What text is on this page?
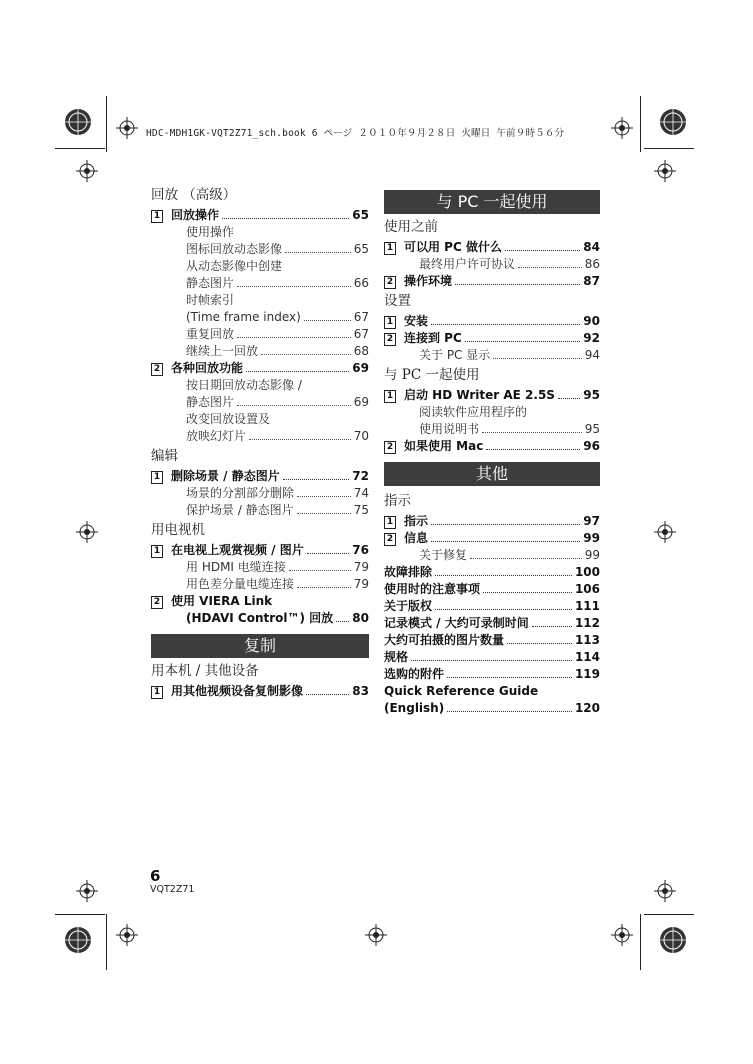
HDC-MDH1GK-VQT2Z71_sch.book 6 ページ ２０１０年９月２８日 火曜日 午前９時５６分
回放 （高级）
1 回放操作	65
使用操作
图标回放动态影像	65
从动态影像中创建
静态图片	66
时帧索引
(Time frame index)	67
重复回放	67
继续上一回放	68
2 各种回放功能	69
按日期回放动态影像 /
静态图片	69
改变回放设置及
放映幻灯片	70
编辑
1 删除场景 / 静态图片	72
场景的分割部分删除	74
保护场景 / 静态图片	75
用电视机
1 在电视上观赏视频 / 图片	76
用 HDMI 电缆连接	79
用色差分量电缆连接	79
2 使用 VIERA Link
(HDAVI Control™) 回放 80
复制
用本机 / 其他设备
1 用其他视频设备复制影像	83
与 PC 一起使用
使用之前
1 可以用 PC 做什么	84
最终用户许可协议	86
2 操作环境	87
设置
1 安装	90
2 连接到 PC	92
关于 PC 显示	94
与 PC 一起使用
1 启动 HD Writer AE 2.5S 95
阅读软件应用程序的
使用说明书	95
2 如果使用 Mac	96
其他
指示
1 指示	97
2 信息	99
关于修复	99
故障排除	100
使用时的注意事项	106
关于版权	111
记录模式 / 大约可录制时间	112
大约可拍摄的图片数量	113
规格	114
选购的附件	119
Quick Reference Guide
(English)	120
6
VQT2Z71
